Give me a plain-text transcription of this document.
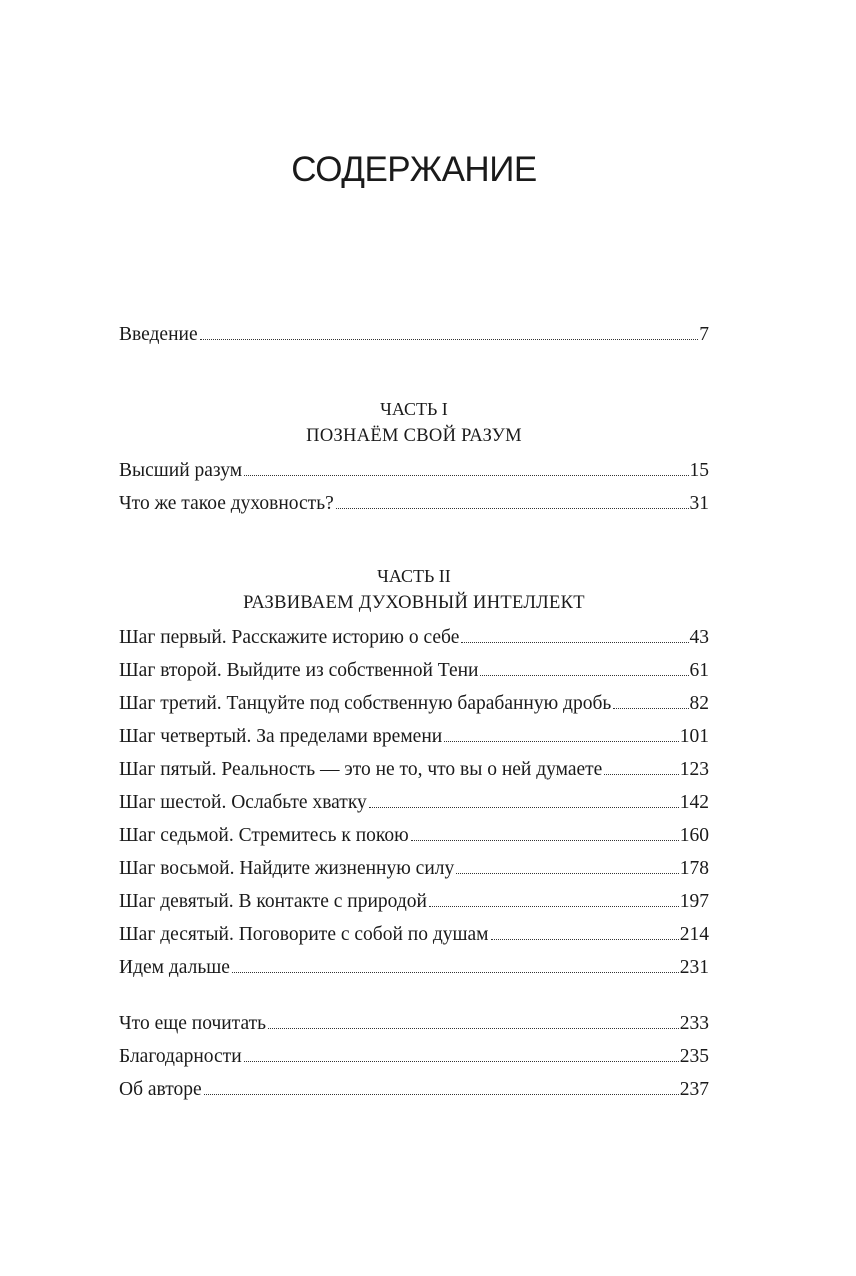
СОДЕРЖАНИЕ
Введение	7
ЧАСТЬ I
ПОЗНАЁМ СВОЙ РАЗУМ
Высший разум	15
Что же такое духовность?	31
ЧАСТЬ II
РАЗВИВАЕМ ДУХОВНЫЙ ИНТЕЛЛЕКТ
Шаг первый. Расскажите историю о себе	43
Шаг второй. Выйдите из собственной Тени	61
Шаг третий. Танцуйте под собственную барабанную дробь	82
Шаг четвертый. За пределами времени	101
Шаг пятый. Реальность — это не то, что вы о ней думаете	123
Шаг шестой. Ослабьте хватку	142
Шаг седьмой. Стремитесь к покою	160
Шаг восьмой. Найдите жизненную силу	178
Шаг девятый. В контакте с природой	197
Шаг десятый. Поговорите с собой по душам	214
Идем дальше	231
Что еще почитать	233
Благодарности	235
Об авторе	237
